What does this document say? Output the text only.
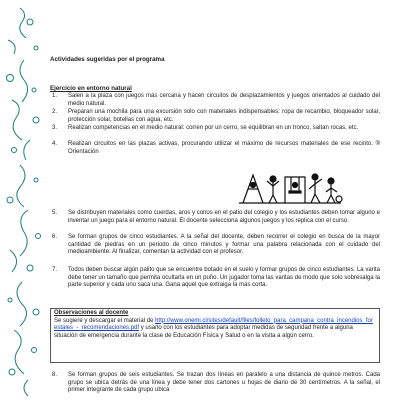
Actividades sugeridas por el programa
Ejercicio en entorno natural
1. Salen a la plaza con juegos más cercana y hacen circuitos de desplazamientos y juegos orientados al cuidado del medio natural.
2. Preparan una mochila para una excursión solo con materiales indispensables: ropa de recambio, bloqueador solar, protección solar, botellas con agua, etc.
3. Realizan competencias en el medio natural: corren por un cerro, se equilibran en un tronco, saltan rocas, etc.
4. Realizan circuitos en las plazas activas, procurando utilizar el máximo de recursos materiales de ese recinto. ® Orientación
5. Se distribuyen materiales como cuerdas, aros y conos en el patio del colegio y los estudiantes deben tomar alguno e inventar un juego para el entorno natural. El docente selecciona algunos juegos y los replica con el curso.
6. Se forman grupos de cinco estudiantes. A la señal del docente, deben recorrer el colegio en busca de la mayor cantidad de piedras en un periodo de cinco minutos y formar una palabra relacionada con el cuidado del medioambiente. Al finalizar, comentan la actividad con el profesor.
7. Todos deben buscar algún palito que se encuentre botado en el suelo y formar grupos de cinco estudiantes. La varita debe tener un tamaño que permita ocultarla en un puño. Un jugador toma las varitas de modo que solo sobresalga la parte superior y cada uno saca una. Gana aquel que extraiga la más corta.
8. Se forman grupos de seis estudiantes. Se trazan dos líneas en paralelo a una distancia de quince metros. Cada grupo se ubica detrás de una línea y debe tener dos cartones u hojas de diario de 30 centímetros. A la señal, el primer integrante de cada grupo ubica
Observaciones al docente
Se sugiere y descargar el material de http://www.onemi.cl/sites/default/files/folleto_para_campana_contra_incendios_forestales_-_recomendaciones.pdf y usarlo con los estudiantes para adoptar medidas de seguridad frente a alguna situación de emergencia durante la clase de Educación Física y Salud o en la visita a algún cerro.
